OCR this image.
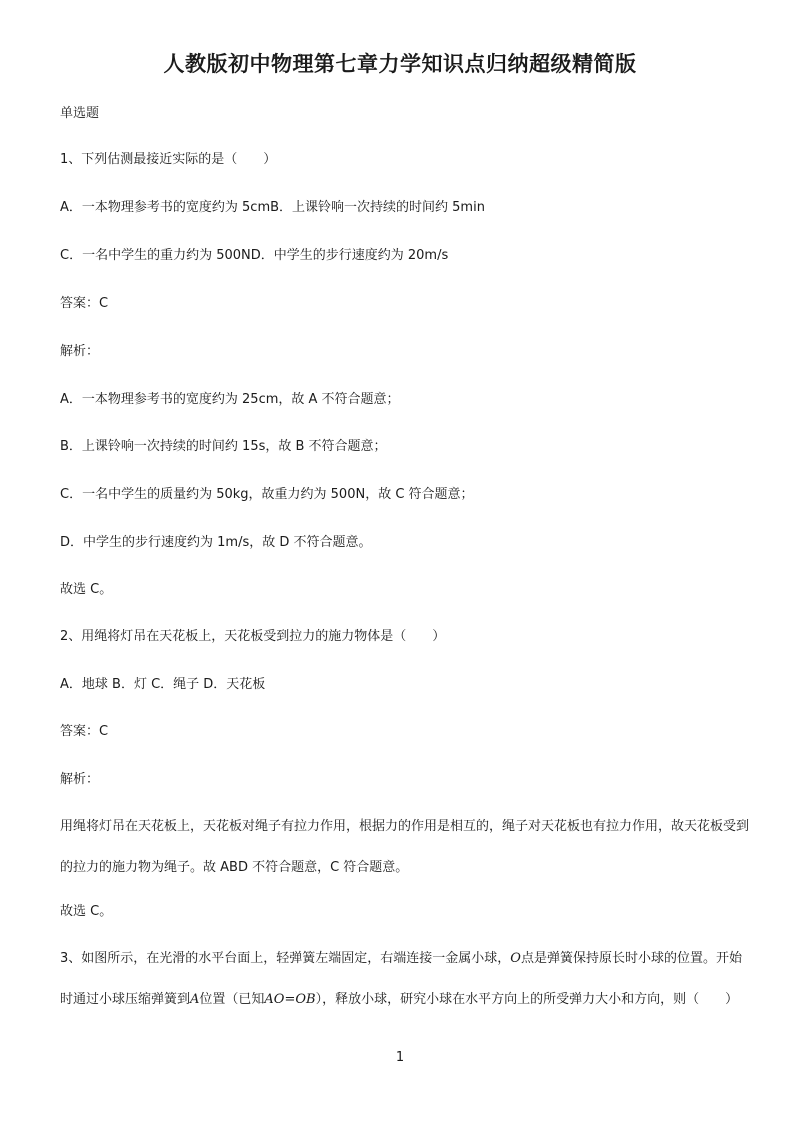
人教版初中物理第七章力学知识点归纳超级精简版
单选题
1、下列估测最接近实际的是（　　）
A．一本物理参考书的宽度约为 5cmB．上课铃响一次持续的时间约 5min
C．一名中学生的重力约为 500ND．中学生的步行速度约为 20m/s
答案：C
解析：
A．一本物理参考书的宽度约为 25cm，故 A 不符合题意；
B．上课铃响一次持续的时间约 15s，故 B 不符合题意；
C．一名中学生的质量约为 50kg，故重力约为 500N，故 C 符合题意；
D．中学生的步行速度约为 1m/s，故 D 不符合题意。
故选 C。
2、用绳将灯吊在天花板上，天花板受到拉力的施力物体是（　　）
A．地球 B．灯 C．绳子 D．天花板
答案：C
解析：
用绳将灯吊在天花板上，天花板对绳子有拉力作用，根据力的作用是相互的，绳子对天花板也有拉力作用，故天花板受到的拉力的施力物为绳子。故 ABD 不符合题意，C 符合题意。
故选 C。
3、如图所示，在光滑的水平台面上，轻弹簧左端固定，右端连接一金属小球，O点是弹簧保持原长时小球的位置。开始时通过小球压缩弹簧到A位置（已知AO=OB），释放小球，研究小球在水平方向上的所受弹力大小和方向，则（　　）
1
